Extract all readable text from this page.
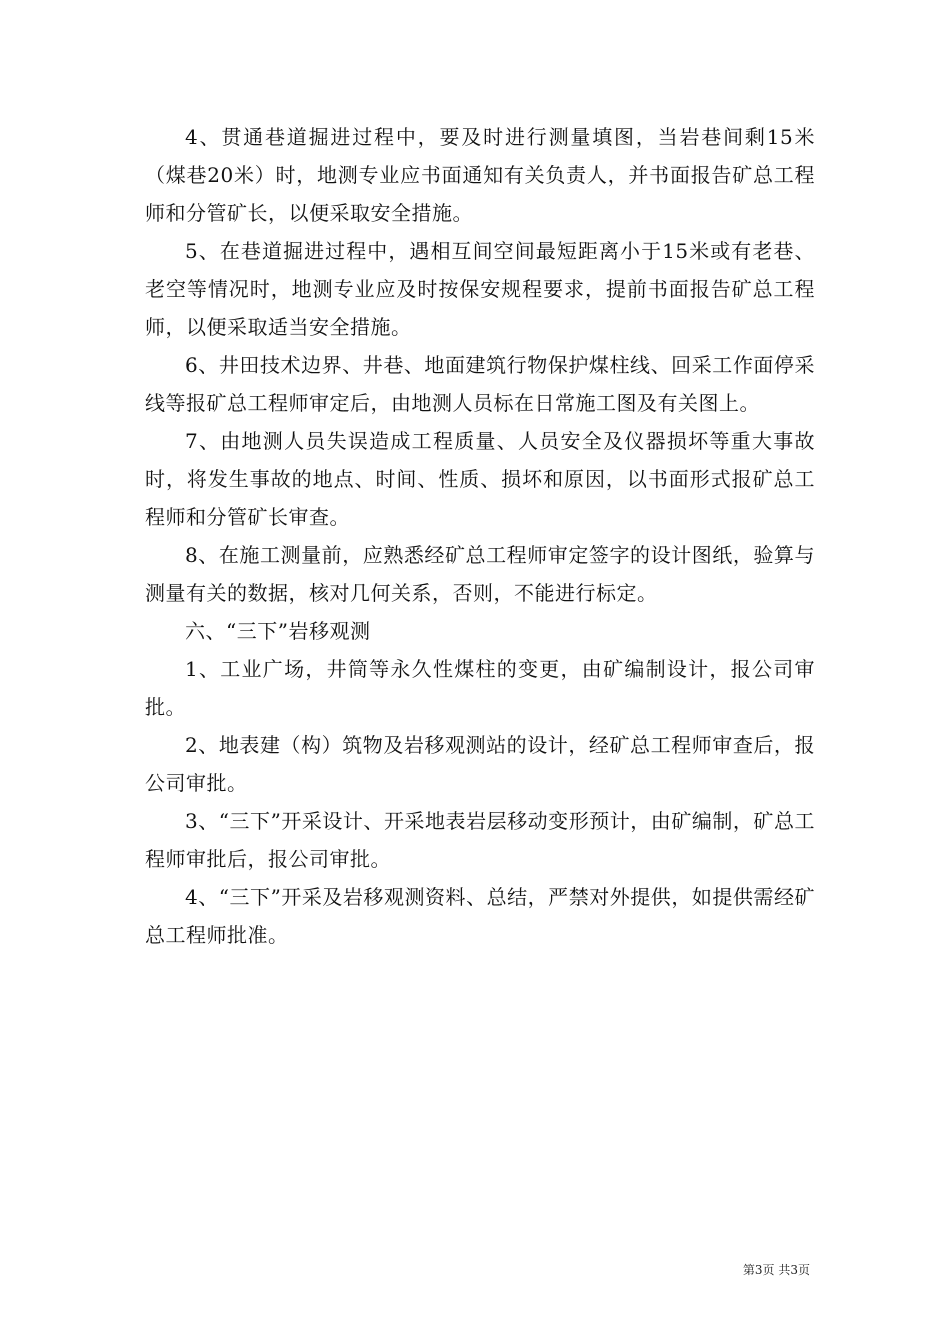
4、贯通巷道掘进过程中，要及时进行测量填图，当岩巷间剩15米（煤巷20米）时，地测专业应书面通知有关负责人，并书面报告矿总工程师和分管矿长，以便采取安全措施。

5、在巷道掘进过程中，遇相互间空间最短距离小于15米或有老巷、老空等情况时，地测专业应及时按保安规程要求，提前书面报告矿总工程师，以便采取适当安全措施。

6、井田技术边界、井巷、地面建筑行物保护煤柱线、回采工作面停采线等报矿总工程师审定后，由地测人员标在日常施工图及有关图上。

7、由地测人员失误造成工程质量、人员安全及仪器损坏等重大事故时，将发生事故的地点、时间、性质、损坏和原因，以书面形式报矿总工程师和分管矿长审查。

8、在施工测量前，应熟悉经矿总工程师审定签字的设计图纸，验算与测量有关的数据，核对几何关系，否则，不能进行标定。

六、“三下”岩移观测

1、工业广场，井筒等永久性煤柱的变更，由矿编制设计，报公司审批。

2、地表建（构）筑物及岩移观测站的设计，经矿总工程师审查后，报公司审批。

3、“三下”开采设计、开采地表岩层移动变形预计，由矿编制，矿总工程师审批后，报公司审批。

4、“三下”开采及岩移观测资料、总结，严禁对外提供，如提供需经矿总工程师批准。

第3页 共3页
